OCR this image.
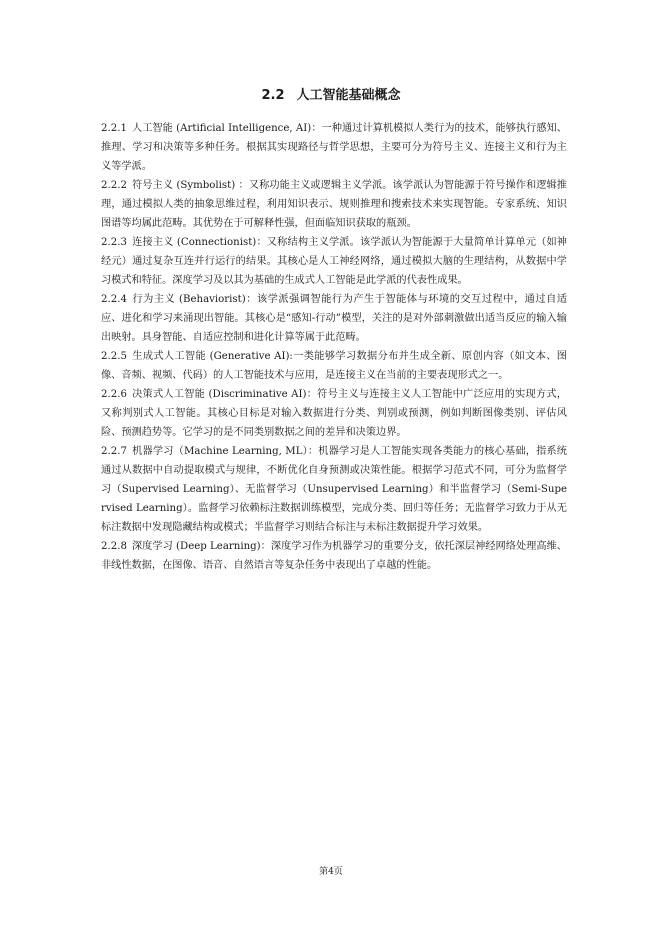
2.2 人工智能基础概念

2.2.1 人工智能 (Artificial Intelligence, AI)：一种通过计算机模拟人类行为的技术，能够执行感知、推理、学习和决策等多种任务。根据其实现路径与哲学思想，主要可分为符号主义、连接主义和行为主义等学派。

2.2.2 符号主义 (Symbolist) ：又称功能主义或逻辑主义学派。该学派认为智能源于符号操作和逻辑推理，通过模拟人类的抽象思维过程，利用知识表示、规则推理和搜索技术来实现智能。专家系统、知识图谱等均属此范畴。其优势在于可解释性强，但面临知识获取的瓶颈。

2.2.3 连接主义 (Connectionist)：又称结构主义学派。该学派认为智能源于大量简单计算单元（如神经元）通过复杂互连并行运行的结果。其核心是人工神经网络，通过模拟大脑的生理结构，从数据中学习模式和特征。深度学习及以其为基础的生成式人工智能是此学派的代表性成果。

2.2.4 行为主义 (Behaviorist)：该学派强调智能行为产生于智能体与环境的交互过程中，通过自适应、进化和学习来涌现出智能。其核心是“感知-行动”模型，关注的是对外部刺激做出适当反应的输入输出映射。具身智能、自适应控制和进化计算等属于此范畴。

2.2.5 生成式人工智能 (Generative AI):一类能够学习数据分布并生成全新、原创内容（如文本、图像、音频、视频、代码）的人工智能技术与应用，是连接主义在当前的主要表现形式之一。

2.2.6 决策式人工智能 (Discriminative AI)：符号主义与连接主义人工智能中广泛应用的实现方式，又称判别式人工智能。其核心目标是对输入数据进行分类、判别或预测，例如判断图像类别、评估风险、预测趋势等。它学习的是不同类别数据之间的差异和决策边界。

2.2.7 机器学习（Machine Learning, ML）：机器学习是人工智能实现各类能力的核心基础，指系统通过从数据中自动提取模式与规律，不断优化自身预测或决策性能。根据学习范式不同，可分为监督学习（Supervised Learning）、无监督学习（Unsupervised Learning）和半监督学习（Semi-Supervised Learning）。监督学习依赖标注数据训练模型，完成分类、回归等任务；无监督学习致力于从无标注数据中发现隐藏结构或模式；半监督学习则结合标注与未标注数据提升学习效果。

2.2.8 深度学习 (Deep Learning)：深度学习作为机器学习的重要分支，依托深层神经网络处理高维、非线性数据，在图像、语音、自然语言等复杂任务中表现出了卓越的性能。

第4页
